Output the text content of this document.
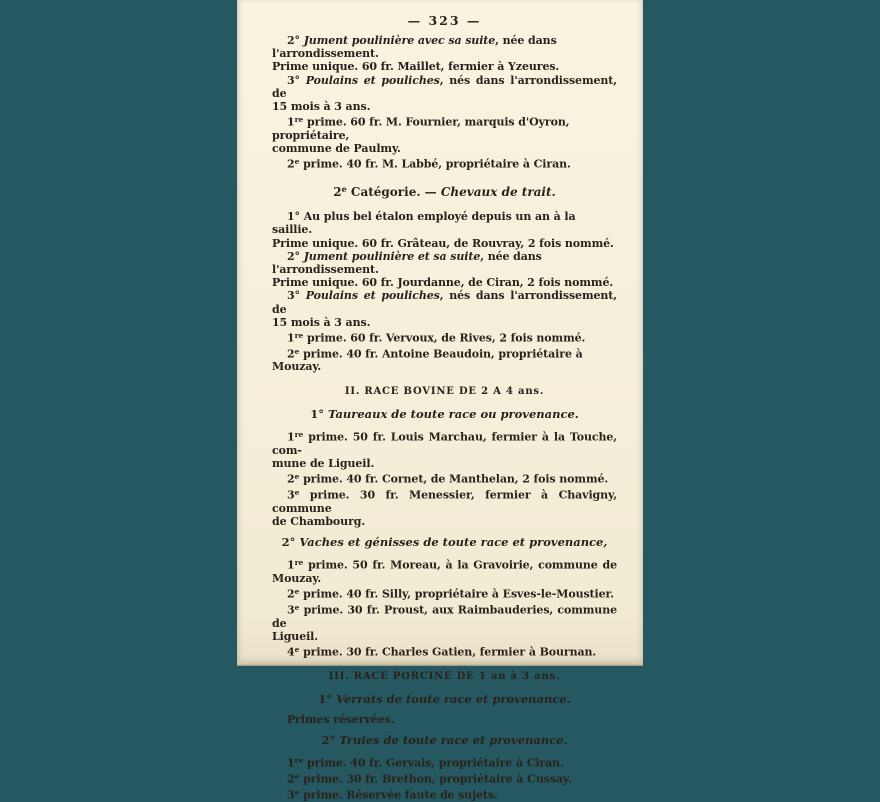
— 323 —
2° Jument poulinière avec sa suite, née dans l'arrondissement.
Prime unique. 60 fr. Maillet, fermier à Yzeures.
3° Poulains et pouliches, nés dans l'arrondissement, de
15 mois à 3 ans.
1re prime. 60 fr. M. Fournier, marquis d'Oyron, propriétaire,
commune de Paulmy.
2e prime. 40 fr. M. Labbé, propriétaire à Ciran.
2e Catégorie. — Chevaux de trait.
1° Au plus bel étalon employé depuis un an à la saillie.
Prime unique. 60 fr. Grâteau, de Rouvray, 2 fois nommé.
2° Jument poulinière et sa suite, née dans l'arrondissement.
Prime unique. 60 fr. Jourdanne, de Ciran, 2 fois nommé.
3° Poulains et pouliches, nés dans l'arrondissement, de
15 mois à 3 ans.
1re prime. 60 fr. Vervoux, de Rives, 2 fois nommé.
2e prime. 40 fr. Antoine Beaudoin, propriétaire à Mouzay.
II. RACE BOVINE DE 2 A 4 ans.
1° Taureaux de toute race ou provenance.
1re prime. 50 fr. Louis Marchau, fermier à la Touche, com-
mune de Ligueil.
2e prime. 40 fr. Cornet, de Manthelan, 2 fois nommé.
3e prime. 30 fr. Menessier, fermier à Chavigny, commune
de Chambourg.
2° Vaches et génisses de toute race et provenance,
1re prime. 50 fr. Moreau, à la Gravoirie, commune de
Mouzay.
2e prime. 40 fr. Silly, propriétaire à Esves-le-Moustier.
3e prime. 30 fr. Proust, aux Raimbauderies, commune de
Ligueil.
4e prime. 30 fr. Charles Gatien, fermier à Bournan.
III. RACE PORCINE DE 1 an à 3 ans.
1° Verrats de toute race et provenance.
Primes réservées.
2° Truies de toute race et provenance.
1re prime. 40 fr. Gervais, propriétaire à Ciran.
2e prime. 30 fr. Brethon, propriétaire à Cussay.
3e prime. Réservée faute de sujets.
